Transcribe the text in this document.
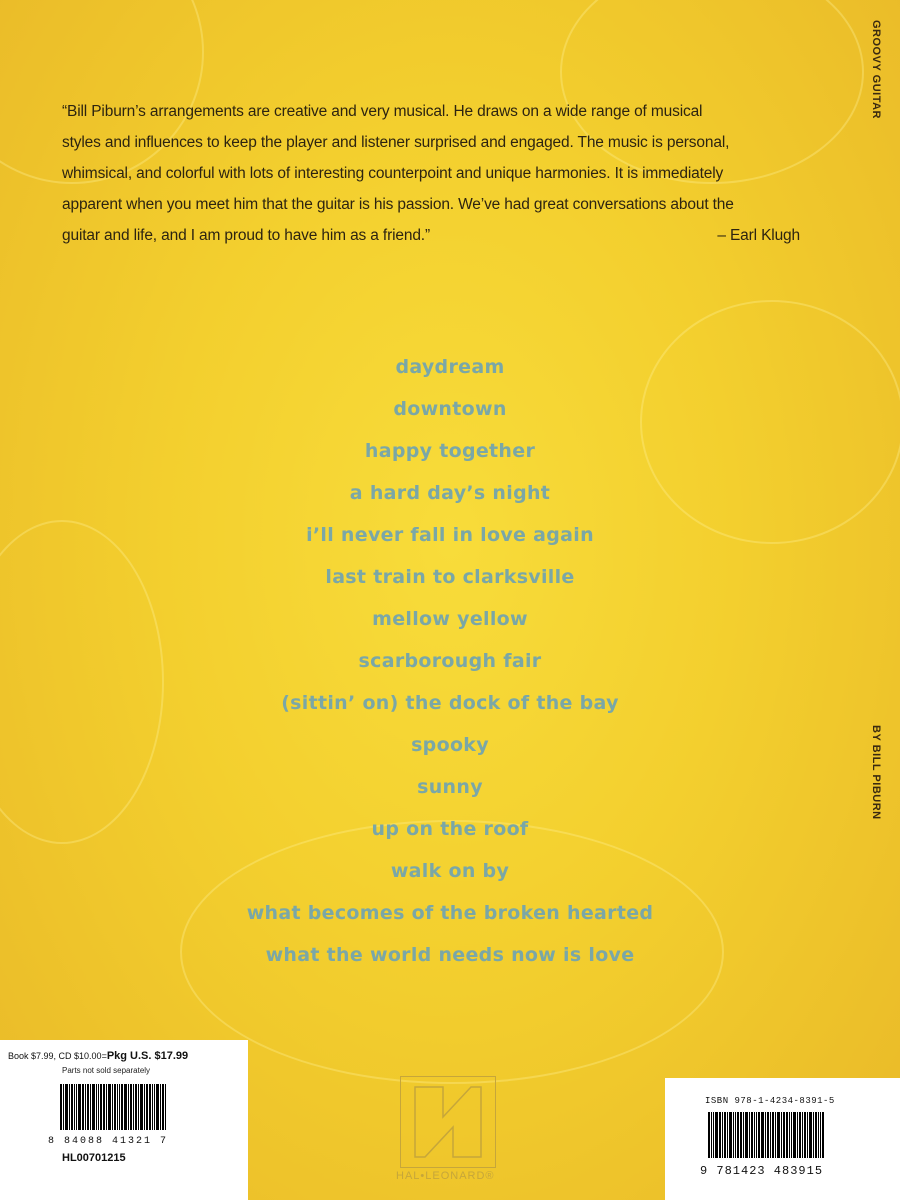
GROOVY GUITAR
BY BILL PIBURN

“Bill Piburn’s arrangements are creative and very musical. He draws on a wide range of musical

styles and influences to keep the player and listener surprised and engaged. The music is personal,

whimsical, and colorful with lots of interesting counterpoint and unique harmonies. It is immediately

apparent when you meet him that the guitar is his passion. We’ve had great conversations about the

guitar and life, and I am proud to have him as a friend.”	– Earl Klugh

daydream
downtown
happy together
a hard day’s night
i’ll never fall in love again
last train to clarksville
mellow yellow
scarborough fair
(sittin’ on) the dock of the bay
spooky
sunny
up on the roof
walk on by
what becomes of the broken hearted
what the world needs now is love
Book $7.99, CD $10.00=Pkg U.S. $17.99
Parts not sold separately
8 84088 41321 7
HL00701215
HAL•LEONARD®
ISBN 978-1-4234-8391-5
9 781423 483915
